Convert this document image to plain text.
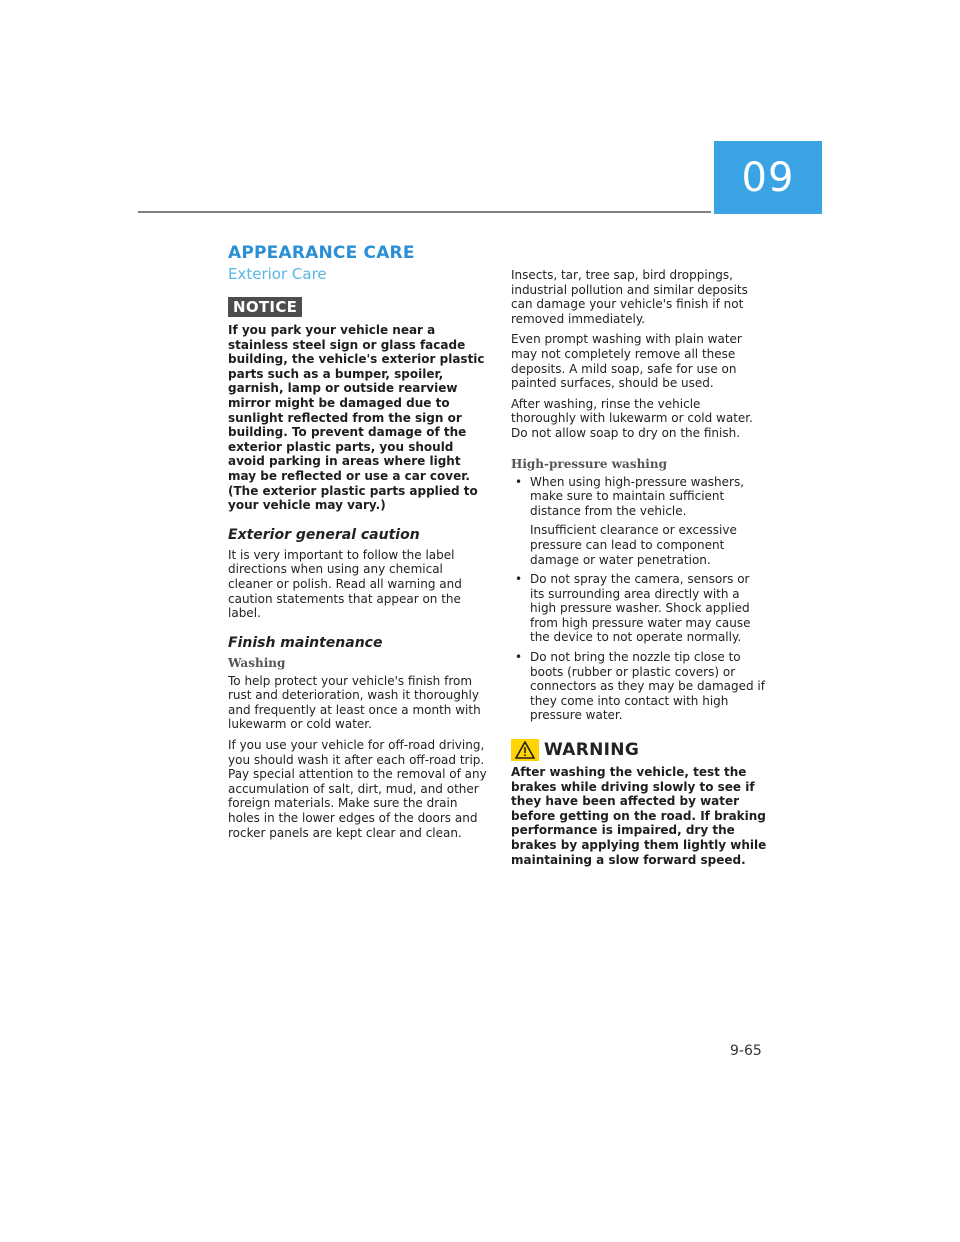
09
APPEARANCE CARE
Exterior Care
NOTICE

If you park your vehicle near a stainless steel sign or glass facade building, the vehicle's exterior plastic parts such as a bumper, spoiler, garnish, lamp or outside rearview mirror might be damaged due to sunlight reflected from the sign or building. To prevent damage of the exterior plastic parts, you should avoid parking in areas where light may be reflected or use a car cover. (The exterior plastic parts applied to your vehicle may vary.)

Exterior general caution

It is very important to follow the label directions when using any chemical cleaner or polish. Read all warning and caution statements that appear on the label.

Finish maintenance
Washing

To help protect your vehicle's finish from rust and deterioration, wash it thoroughly and frequently at least once a month with lukewarm or cold water.

If you use your vehicle for off-road driving, you should wash it after each off-road trip. Pay special attention to the removal of any accumulation of salt, dirt, mud, and other foreign materials. Make sure the drain holes in the lower edges of the doors and rocker panels are kept clear and clean.

Insects, tar, tree sap, bird droppings, industrial pollution and similar deposits can damage your vehicle's finish if not removed immediately.

Even prompt washing with plain water may not completely remove all these deposits. A mild soap, safe for use on painted surfaces, should be used.

After washing, rinse the vehicle thoroughly with lukewarm or cold water. Do not allow soap to dry on the finish.

High-pressure washing
• When using high-pressure washers, make sure to maintain sufficient distance from the vehicle.
Insufficient clearance or excessive pressure can lead to component damage or water penetration.
• Do not spray the camera, sensors or its surrounding area directly with a high pressure washer. Shock applied from high pressure water may cause the device to not operate normally.
• Do not bring the nozzle tip close to boots (rubber or plastic covers) or connectors as they may be damaged if they come into contact with high pressure water.
WARNING

After washing the vehicle, test the brakes while driving slowly to see if they have been affected by water before getting on the road. If braking performance is impaired, dry the brakes by applying them lightly while maintaining a slow forward speed.

9-65
